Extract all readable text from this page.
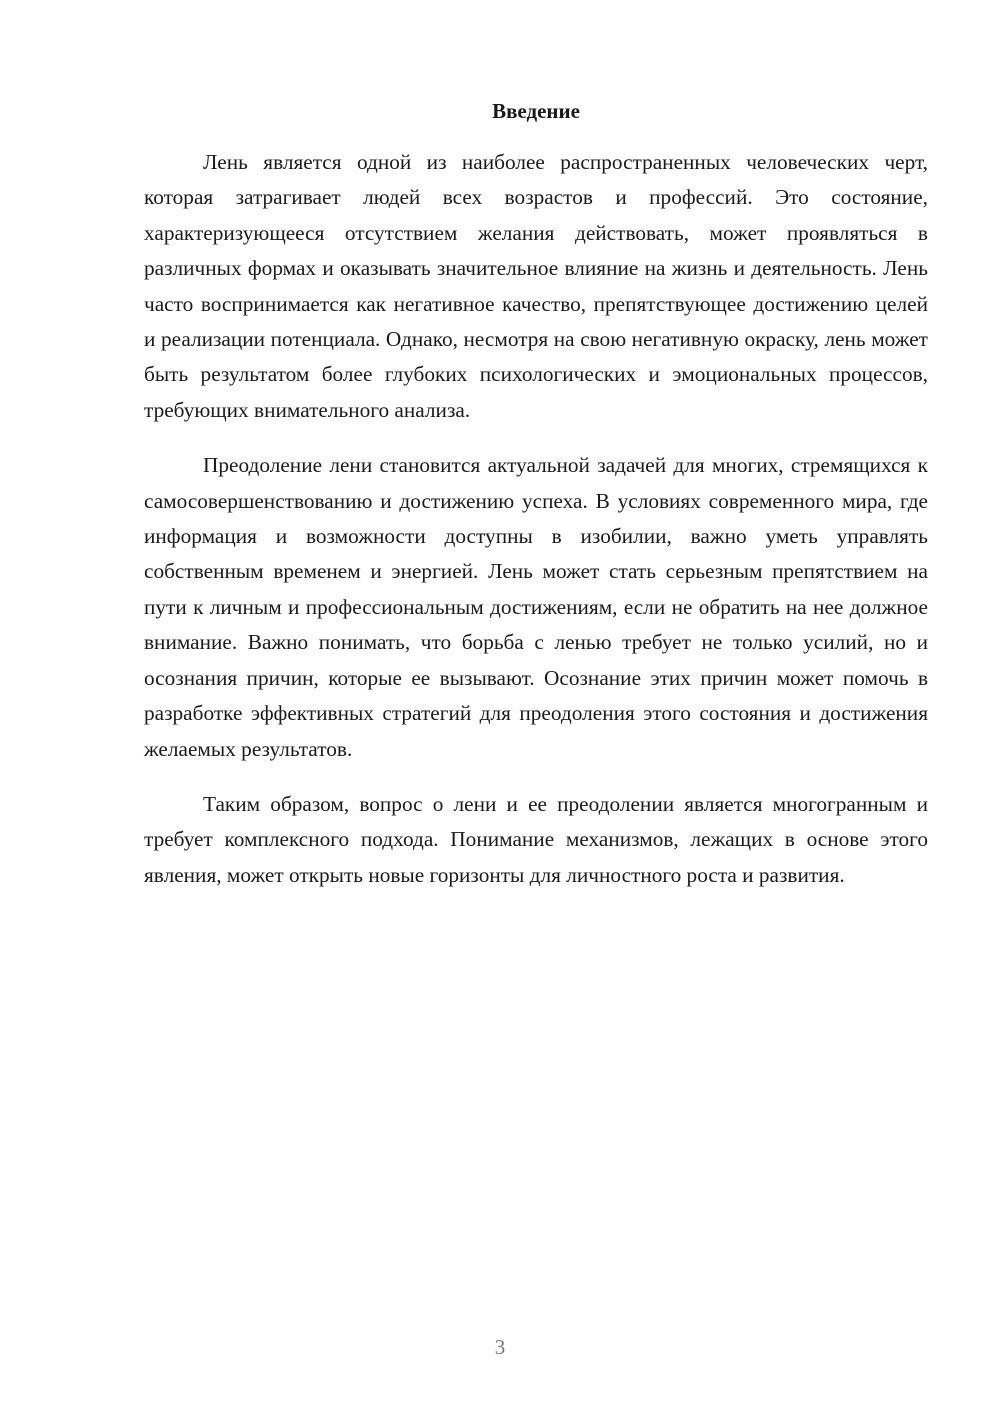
Введение

Лень является одной из наиболее распространенных человеческих черт, которая затрагивает людей всех возрастов и профессий. Это состояние, характеризующееся отсутствием желания действовать, может проявляться в различных формах и оказывать значительное влияние на жизнь и деятельность. Лень часто воспринимается как негативное качество, препятствующее достижению целей и реализации потенциала. Однако, несмотря на свою негативную окраску, лень может быть результатом более глубоких психологических и эмоциональных процессов, требующих внимательного анализа.

Преодоление лени становится актуальной задачей для многих, стремящихся к самосовершенствованию и достижению успеха. В условиях современного мира, где информация и возможности доступны в изобилии, важно уметь управлять собственным временем и энергией. Лень может стать серьезным препятствием на пути к личным и профессиональным достижениям, если не обратить на нее должное внимание. Важно понимать, что борьба с ленью требует не только усилий, но и осознания причин, которые ее вызывают. Осознание этих причин может помочь в разработке эффективных стратегий для преодоления этого состояния и достижения желаемых результатов.

Таким образом, вопрос о лени и ее преодолении является многогранным и требует комплексного подхода. Понимание механизмов, лежащих в основе этого явления, может открыть новые горизонты для личностного роста и развития.

3
